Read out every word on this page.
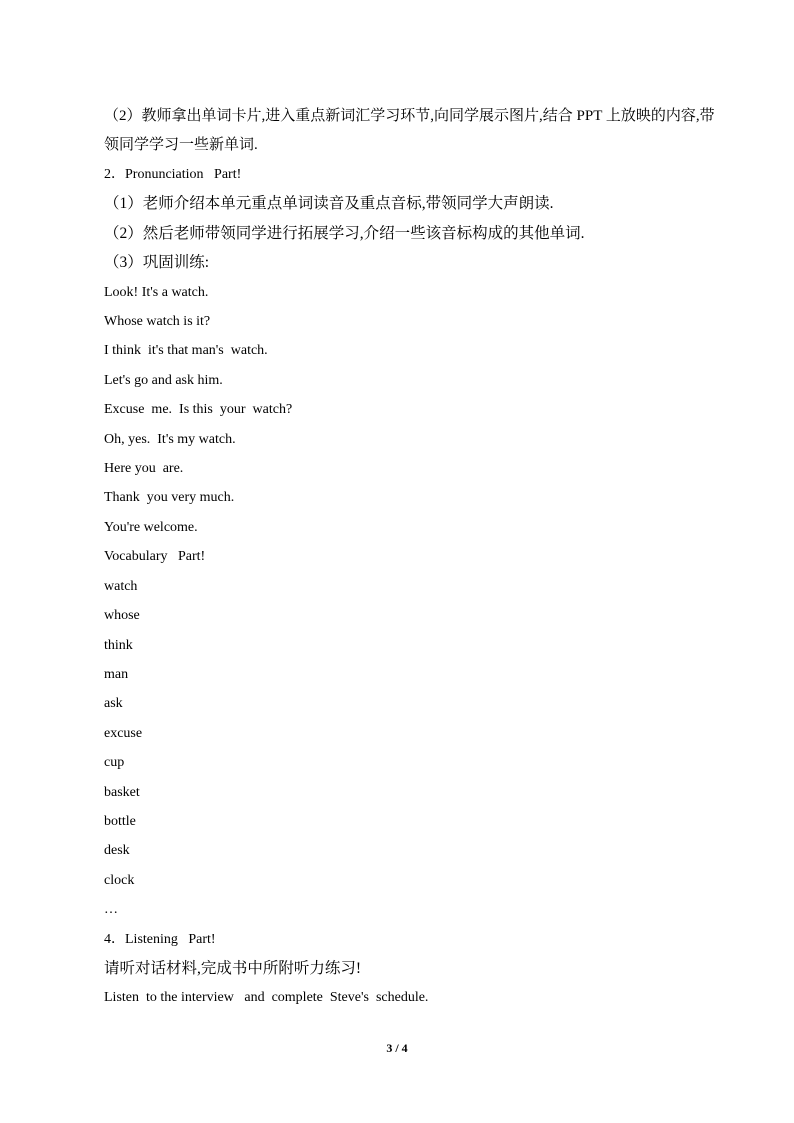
（2）教师拿出单词卡片,进入重点新词汇学习环节,向同学展示图片,结合 PPT 上放映的内容,带领同学学习一些新单词.

2．Pronunciation   Part!

（1）老师介绍本单元重点单词读音及重点音标,带领同学大声朗读.

（2）然后老师带领同学进行拓展学习,介绍一些该音标构成的其他单词.

（3）巩固训练:

Look! It's a watch.

Whose watch is it?

I think  it's that man's  watch.

Let's go and ask him.

Excuse  me.  Is this  your  watch?

Oh, yes.  It's my watch.

Here you  are.

Thank  you very much.

You're welcome.

Vocabulary   Part!

watch

whose

think

man

ask

excuse

cup

basket

bottle

desk

clock

…

4．Listening   Part!

请听对话材料,完成书中所附听力练习!

Listen  to the interview   and  complete  Steve's  schedule.

3 / 4
